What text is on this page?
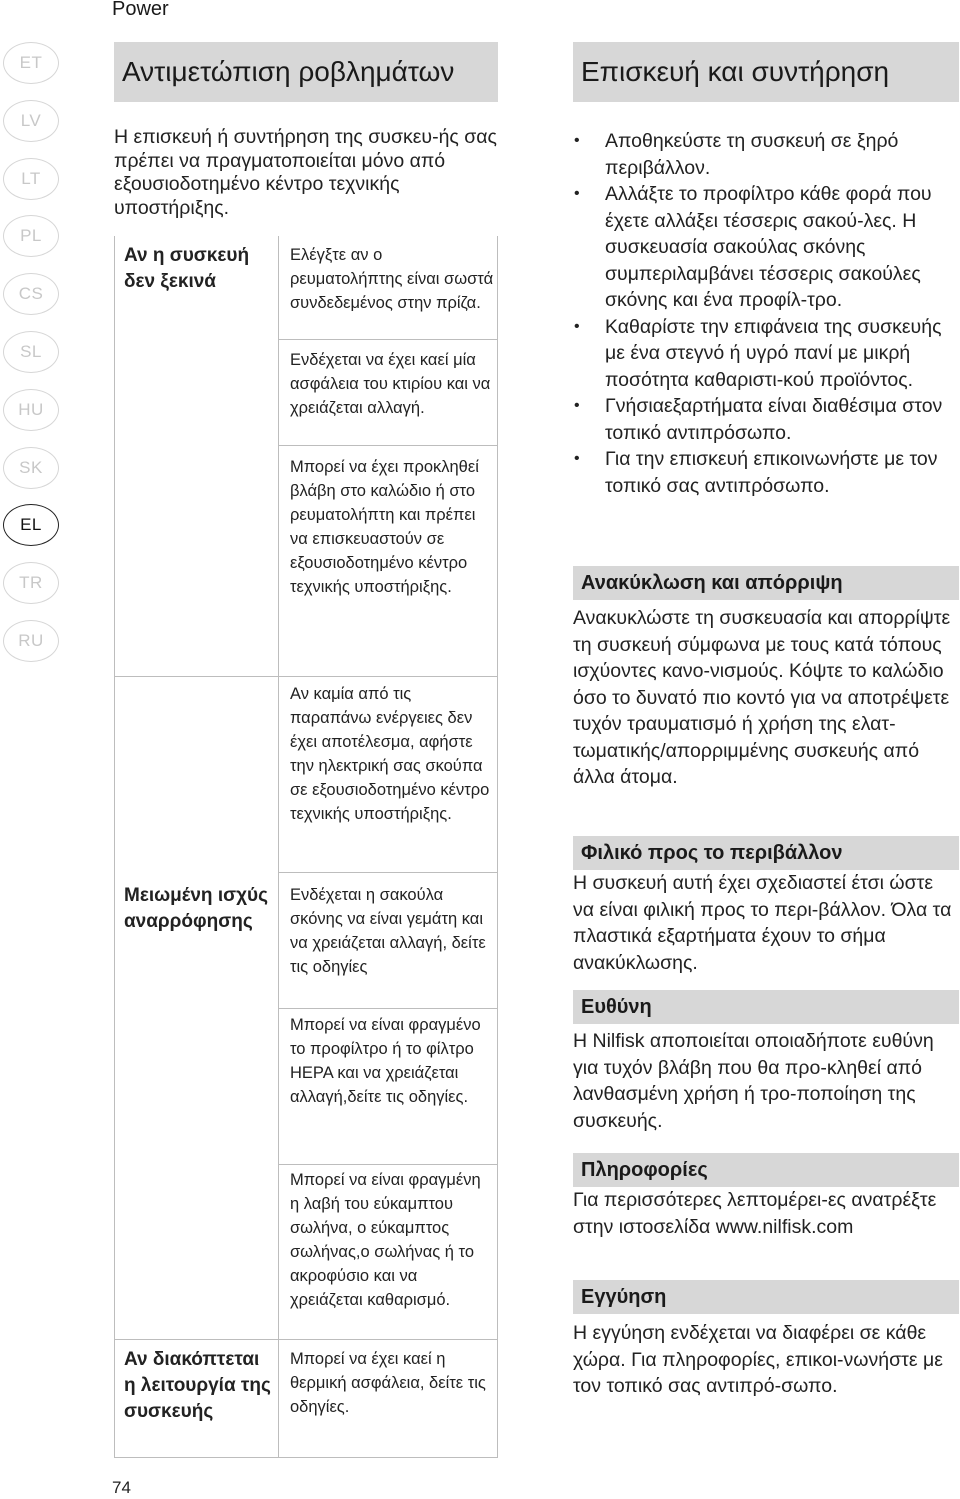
Power
ET
LV
LT
PL
CS
SL
HU
SK
EL
TR
RU
Αντιμετώπιση ροβλημάτων
Η επισκευή ή συντήρηση της συσκευ-ής σας πρέπει να πραγματοποιείται μόνο από εξουσιοδοτημένο κέντρο τεχνικής υποστήριξης.
Αν η συσκευή δεν ξεκινά
Μειωμένη ισχύς αναρρόφησης
Αν διακόπτεται η λειτουργία της συσκευής
Ελέγξτε αν ο ρευματολήπτης είναι σωστά συνδεδεμένος στην πρίζα.
Ενδέχεται να έχει καεί μία ασφάλεια του κτιρίου και να χρειάζεται αλλαγή.
Μπορεί να έχει προκληθεί βλάβη στο καλώδιο ή στο ρευματολήπτη και πρέπει να επισκευαστούν σε εξουσιοδοτημένο κέντρο τεχνικής υποστήριξης.
Αν καμία από τις παραπάνω ενέργειες δεν έχει αποτέλεσμα, αφήστε την ηλεκτρική σας σκούπα σε εξουσιοδοτημένο κέντρο τεχνικής υποστήριξης.
Ενδέχεται η σακούλα σκόνης να είναι γεμάτη και να χρειάζεται αλλαγή, δείτε τις οδηγίες
Μπορεί να είναι φραγμένο το προφίλτρο ή το φίλτρο HEPA και να χρειάζεται αλλαγή,δείτε τις οδηγίες.
Μπορεί να είναι φραγμένη η λαβή του εύκαμπτου σωλήνα, ο εύκαμπτος σωλήνας,ο σωλήνας ή το ακροφύσιο και να χρειάζεται καθαρισμό.
Μπορεί να έχει καεί η θερμική ασφάλεια, δείτε τις οδηγίες.
Επισκευή και συντήρηση
• Αποθηκεύστε τη συσκευή σε ξηρό περιβάλλον.
• Αλλάξτε το προφίλτρο κάθε φορά που έχετε αλλάξει τέσσερις σακού-λες. Η συσκευασία σακούλας σκόνης συμπεριλαμβάνει τέσσερις σακούλες σκόνης και ένα προφίλ-τρο.
• Καθαρίστε την επιφάνεια της συσκευής με ένα στεγνό ή υγρό πανί με μικρή ποσότητα καθαριστι-κού προϊόντος.
• Γνήσιαεξαρτήματα είναι διαθέσιμα στον τοπικό αντιπρόσωπο.
• Για την επισκευή επικοινωνήστε με τον τοπικό σας αντιπρόσωπο.
Ανακύκλωση και απόρριψη
Ανακυκλώστε τη συσκευασία και απορρίψτε τη συσκευή σύμφωνα με τους κατά τόπους ισχύοντες κανο-νισμούς. Κόψτε το καλώδιο όσο το δυνατό πιο κοντό για να αποτρέψετε τυχόν τραυματισμό ή χρήση της ελατ-τωματικής/απορριμμένης συσκευής από άλλα άτομα.
Φιλικό προς το περιβάλλον
Η συσκευή αυτή έχει σχεδιαστεί έτσι ώστε να είναι φιλική προς το περι-βάλλον. Όλα τα πλαστικά εξαρτήματα έχουν το σήμα ανακύκλωσης.
Ευθύνη
Η Nilfisk αποποιείται οποιαδήποτε ευθύνη για τυχόν βλάβη που θα προ-κληθεί από λανθασμένη χρήση ή τρο-ποποίηση της συσκευής.
Πληροφορίες
Για περισσότερες λεπτομέρει-ες ανατρέξτε στην ιστοσελίδα www.nilfisk.com
Εγγύηση
Η εγγύηση ενδέχεται να διαφέρει σε κάθε χώρα. Για πληροφορίες, επικοι-νωνήστε με τον τοπικό σας αντιπρό-σωπο.
74
